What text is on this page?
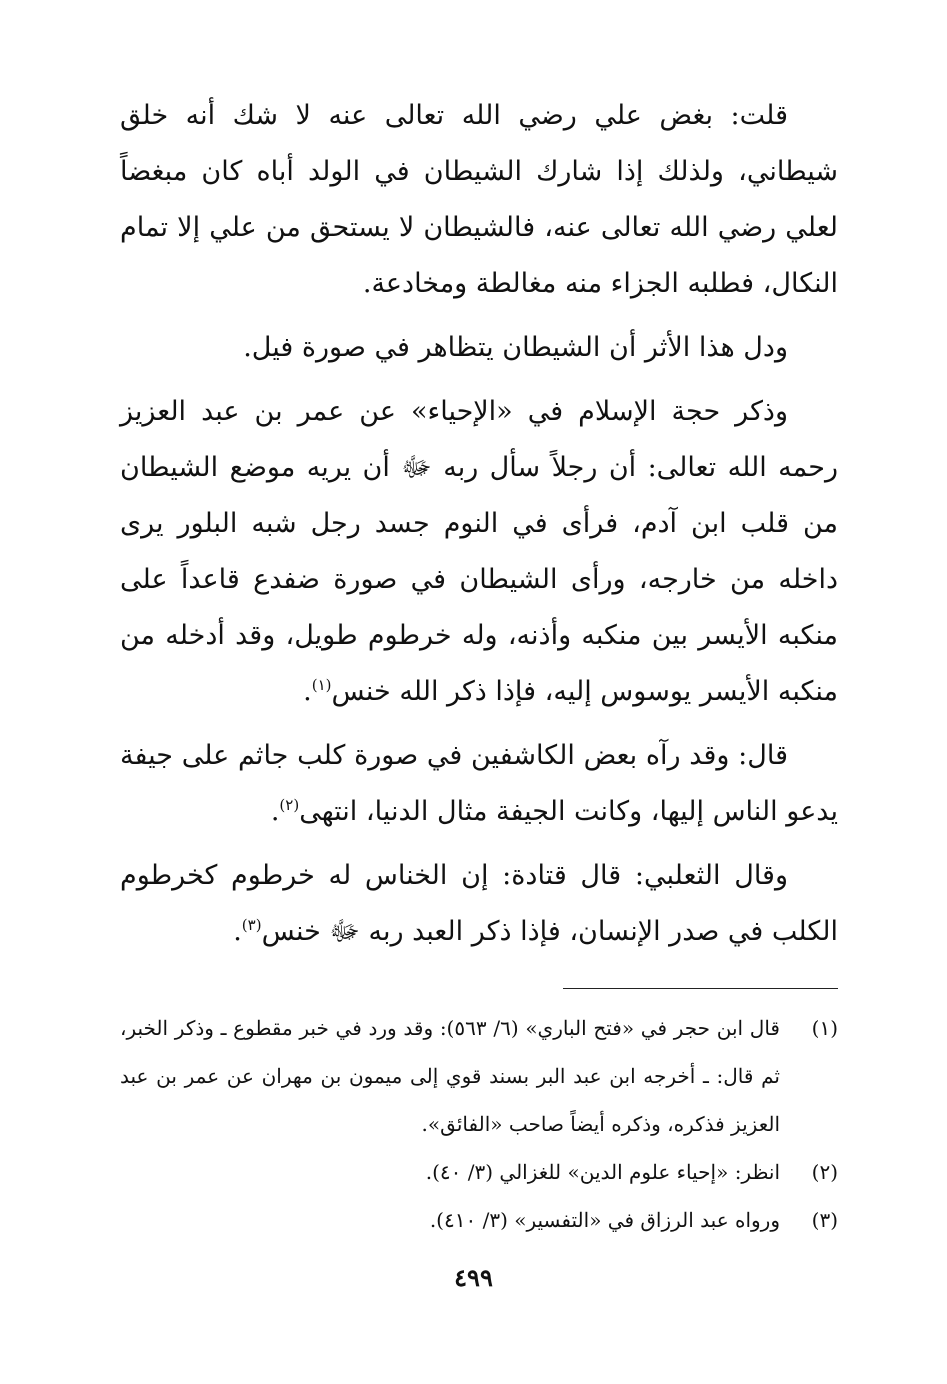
قلت: بغض علي رضي الله تعالى عنه لا شك أنه خلق شيطاني، ولذلك إذا شارك الشيطان في الولد أباه كان مبغضاً لعلي رضي الله تعالى عنه، فالشيطان لا يستحق من علي إلا تمام النكال، فطلبه الجزاء منه مغالطة ومخادعة.

ودل هذا الأثر أن الشيطان يتظاهر في صورة فيل.

وذكر حجة الإسلام في «الإحياء» عن عمر بن عبد العزيز رحمه الله تعالى: أن رجلاً سأل ربه ﷻ أن يريه موضع الشيطان من قلب ابن آدم، فرأى في النوم جسد رجل شبه البلور يرى داخله من خارجه، ورأى الشيطان في صورة ضفدع قاعداً على منكبه الأيسر بين منكبه وأذنه، وله خرطوم طويل، وقد أدخله من منكبه الأيسر يوسوس إليه، فإذا ذكر الله خنس$^{(١)}$.

قال: وقد رآه بعض الكاشفين في صورة كلب جاثم على جيفة يدعو الناس إليها، وكانت الجيفة مثال الدنيا، انتهى$^{(٢)}$.

وقال الثعلبي: قال قتادة: إن الخناس له خرطوم كخرطوم الكلب في صدر الإنسان، فإذا ذكر العبد ربه ﷻ خنس$^{(٣)}$.

(١)
قال ابن حجر في «فتح الباري» (٦/ ٥٦٣): وقد ورد في خبر مقطوع ـ وذكر الخبر، ثم قال: ـ أخرجه ابن عبد البر بسند قوي إلى ميمون بن مهران عن عمر بن عبد العزيز فذكره، وذكره أيضاً صاحب «الفائق».
(٢)
انظر: «إحياء علوم الدين» للغزالي (٣/ ٤٠).
(٣)
ورواه عبد الرزاق في «التفسير» (٣/ ٤١٠).
٤٩٩
